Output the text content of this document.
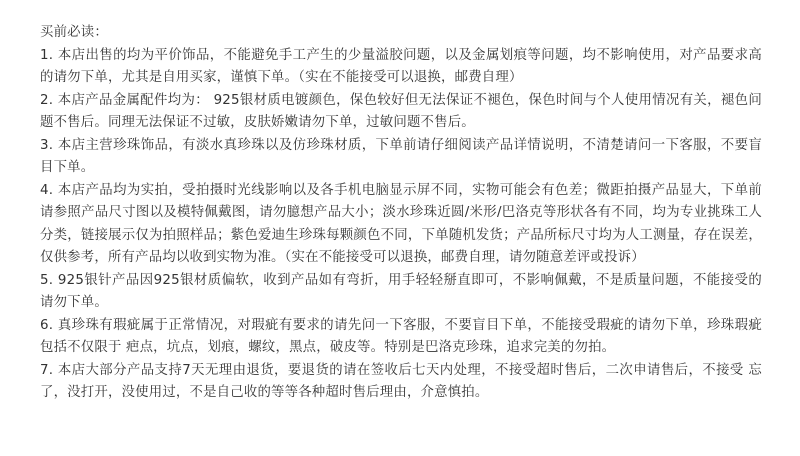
买前必读：

1. 本店出售的均为平价饰品，不能避免手工产生的少量溢胶问题，以及金属划痕等问题，均不影响使用，对产品要求高的请勿下单，尤其是自用买家，谨慎下单。（实在不能接受可以退换，邮费自理）

2. 本店产品金属配件均为： 925银材质电镀颜色，保色较好但无法保证不褪色，保色时间与个人使用情况有关，褪色问题不售后。同理无法保证不过敏，皮肤娇嫩请勿下单，过敏问题不售后。

3. 本店主营珍珠饰品，有淡水真珍珠以及仿珍珠材质，下单前请仔细阅读产品详情说明，不清楚请问一下客服，不要盲目下单。

4. 本店产品均为实拍，受拍摄时光线影响以及各手机电脑显示屏不同，实物可能会有色差；微距拍摄产品显大，下单前请参照产品尺寸图以及模特佩戴图，请勿臆想产品大小；淡水珍珠近圆/米形/巴洛克等形状各有不同，均为专业挑珠工人分类，链接展示仅为拍照样品；紫色爱迪生珍珠每颗颜色不同，下单随机发货；产品所标尺寸均为人工测量，存在误差，仅供参考，所有产品均以收到实物为准。（实在不能接受可以退换，邮费自理，请勿随意差评或投诉）

5. 925银针产品因925银材质偏软，收到产品如有弯折，用手轻轻掰直即可，不影响佩戴，不是质量问题，不能接受的请勿下单。

6. 真珍珠有瑕疵属于正常情况，对瑕疵有要求的请先问一下客服，不要盲目下单，不能接受瑕疵的请勿下单，珍珠瑕疵包括不仅限于 疤点，坑点，划痕，螺纹，黑点，破皮等。特别是巴洛克珍珠，追求完美的勿拍。

7. 本店大部分产品支持7天无理由退货，要退货的请在签收后七天内处理，不接受超时售后，二次申请售后，不接受 忘了，没打开，没使用过，不是自己收的等等各种超时售后理由，介意慎拍。
